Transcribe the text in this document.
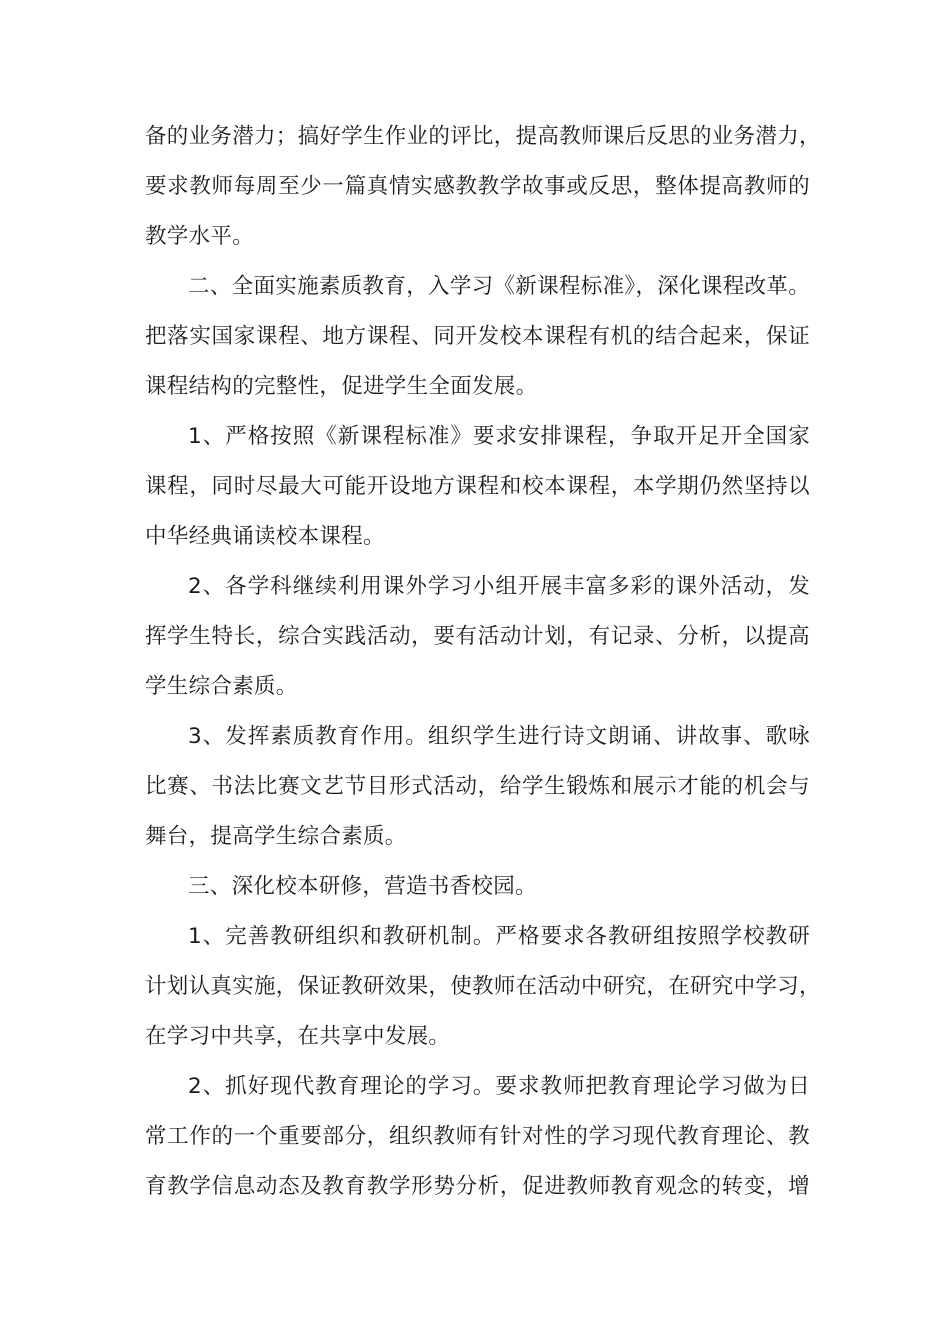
备的业务潜力；搞好学生作业的评比，提高教师课后反思的业务潜力，
要求教师每周至少一篇真情实感教教学故事或反思，整体提高教师的
教学水平。
二、全面实施素质教育，入学习《新课程标准》，深化课程改革。
把落实国家课程、地方课程、同开发校本课程有机的结合起来，保证
课程结构的完整性，促进学生全面发展。
1、严格按照《新课程标准》要求安排课程，争取开足开全国家
课程，同时尽最大可能开设地方课程和校本课程，本学期仍然坚持以
中华经典诵读校本课程。
2、各学科继续利用课外学习小组开展丰富多彩的课外活动，发
挥学生特长，综合实践活动，要有活动计划，有记录、分析，以提高
学生综合素质。
3、发挥素质教育作用。组织学生进行诗文朗诵、讲故事、歌咏
比赛、书法比赛文艺节目形式活动，给学生锻炼和展示才能的机会与
舞台，提高学生综合素质。
三、深化校本研修，营造书香校园。
1、完善教研组织和教研机制。严格要求各教研组按照学校教研
计划认真实施，保证教研效果，使教师在活动中研究，在研究中学习，
在学习中共享，在共享中发展。
2、抓好现代教育理论的学习。要求教师把教育理论学习做为日
常工作的一个重要部分，组织教师有针对性的学习现代教育理论、教
育教学信息动态及教育教学形势分析，促进教师教育观念的转变，增
